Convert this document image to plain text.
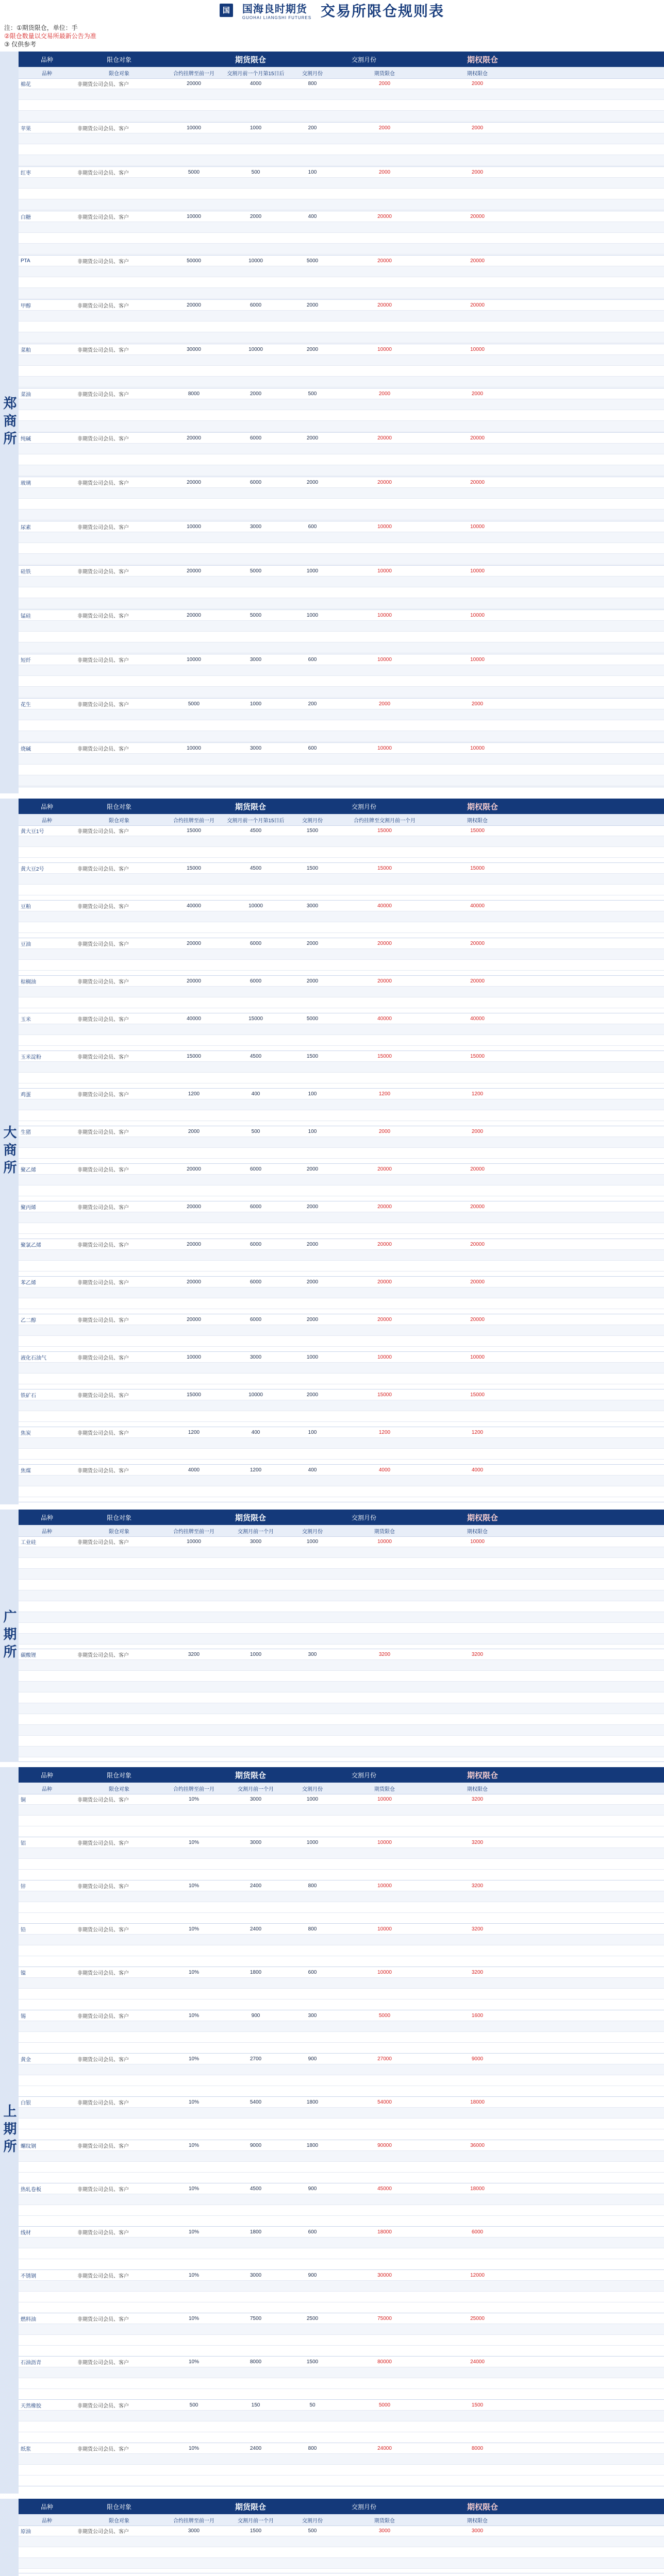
国	国海良时期货
GUOHAI LIANGSHI FUTURES 交易所限仓规则表
注：①期货限仓，单位：手
②限仓数量以交易所最新公告为准
③ 仅供参考
郑商所
品种	限仓对象	期货限仓	交割月份	期权限仓
品种	限仓对象	合约挂牌至前一月	交割月前一个月第15日后	交割月份	期货限仓	期权限仓
棉花	非期货公司会员、客户	20000	4000	800	2000	2000
苹果	非期货公司会员、客户	10000	1000	200	2000	2000
红枣	非期货公司会员、客户	5000	500	100	2000	2000
白糖	非期货公司会员、客户	10000	2000	400	20000	20000
PTA	非期货公司会员、客户	50000	10000	5000	20000	20000
甲醇	非期货公司会员、客户	20000	6000	2000	20000	20000
菜粕	非期货公司会员、客户	30000	10000	2000	10000	10000
菜油	非期货公司会员、客户	8000	2000	500	2000	2000
纯碱	非期货公司会员、客户	20000	6000	2000	20000	20000
玻璃	非期货公司会员、客户	20000	6000	2000	20000	20000
尿素	非期货公司会员、客户	10000	3000	600	10000	10000
硅铁	非期货公司会员、客户	20000	5000	1000	10000	10000
锰硅	非期货公司会员、客户	20000	5000	1000	10000	10000
短纤	非期货公司会员、客户	10000	3000	600	10000	10000
花生	非期货公司会员、客户	5000	1000	200	2000	2000
烧碱	非期货公司会员、客户	10000	3000	600	10000	10000
大商所
品种	限仓对象	期货限仓	交割月份	期权限仓
品种	限仓对象	合约挂牌至前一月	交割月前一个月第15日后	交割月份	合约挂牌至交割月前一个月	期权限仓
黄大豆1号	非期货公司会员、客户	15000	4500	1500	15000	15000
黄大豆2号	非期货公司会员、客户	15000	4500	1500	15000	15000
豆粕	非期货公司会员、客户	40000	10000	3000	40000	40000
豆油	非期货公司会员、客户	20000	6000	2000	20000	20000
棕榈油	非期货公司会员、客户	20000	6000	2000	20000	20000
玉米	非期货公司会员、客户	40000	15000	5000	40000	40000
玉米淀粉	非期货公司会员、客户	15000	4500	1500	15000	15000
鸡蛋	非期货公司会员、客户	1200	400	100	1200	1200
生猪	非期货公司会员、客户	2000	500	100	2000	2000
聚乙烯	非期货公司会员、客户	20000	6000	2000	20000	20000
聚丙烯	非期货公司会员、客户	20000	6000	2000	20000	20000
聚氯乙烯	非期货公司会员、客户	20000	6000	2000	20000	20000
苯乙烯	非期货公司会员、客户	20000	6000	2000	20000	20000
乙二醇	非期货公司会员、客户	20000	6000	2000	20000	20000
液化石油气	非期货公司会员、客户	10000	3000	1000	10000	10000
铁矿石	非期货公司会员、客户	15000	10000	2000	15000	15000
焦炭	非期货公司会员、客户	1200	400	100	1200	1200
焦煤	非期货公司会员、客户	4000	1200	400	4000	4000
广期所
品种	限仓对象	期货限仓	交割月份	期权限仓
品种	限仓对象	合约挂牌至前一月	交割月前一个月	交割月份	期货限仓	期权限仓
工业硅	非期货公司会员、客户	10000	3000	1000	10000	10000
碳酸锂	非期货公司会员、客户	3200	1000	300	3200	3200
上期所
品种	限仓对象	期货限仓	交割月份	期权限仓
品种	限仓对象	合约挂牌至前一月	交割月前一个月	交割月份	期货限仓	期权限仓
铜	非期货公司会员、客户	10%	3000	1000	10000	3200
铝	非期货公司会员、客户	10%	3000	1000	10000	3200
锌	非期货公司会员、客户	10%	2400	800	10000	3200
铅	非期货公司会员、客户	10%	2400	800	10000	3200
镍	非期货公司会员、客户	10%	1800	600	10000	3200
锡	非期货公司会员、客户	10%	900	300	5000	1600
黄金	非期货公司会员、客户	10%	2700	900	27000	9000
白银	非期货公司会员、客户	10%	5400	1800	54000	18000
螺纹钢	非期货公司会员、客户	10%	9000	1800	90000	36000
热轧卷板	非期货公司会员、客户	10%	4500	900	45000	18000
线材	非期货公司会员、客户	10%	1800	600	18000	6000
不锈钢	非期货公司会员、客户	10%	3000	900	30000	12000
燃料油	非期货公司会员、客户	10%	7500	2500	75000	25000
石油沥青	非期货公司会员、客户	10%	8000	1500	80000	24000
天然橡胶	非期货公司会员、客户	500	150	50	5000	1500
纸浆	非期货公司会员、客户	10%	2400	800	24000	8000
品种	限仓对象	期货限仓	交割月份	期权限仓
品种	限仓对象	合约挂牌至前一月	交割月前一个月	交割月份	期货限仓	期权限仓
原油	非期货公司会员、客户	3000	1500	500	3000	3000
